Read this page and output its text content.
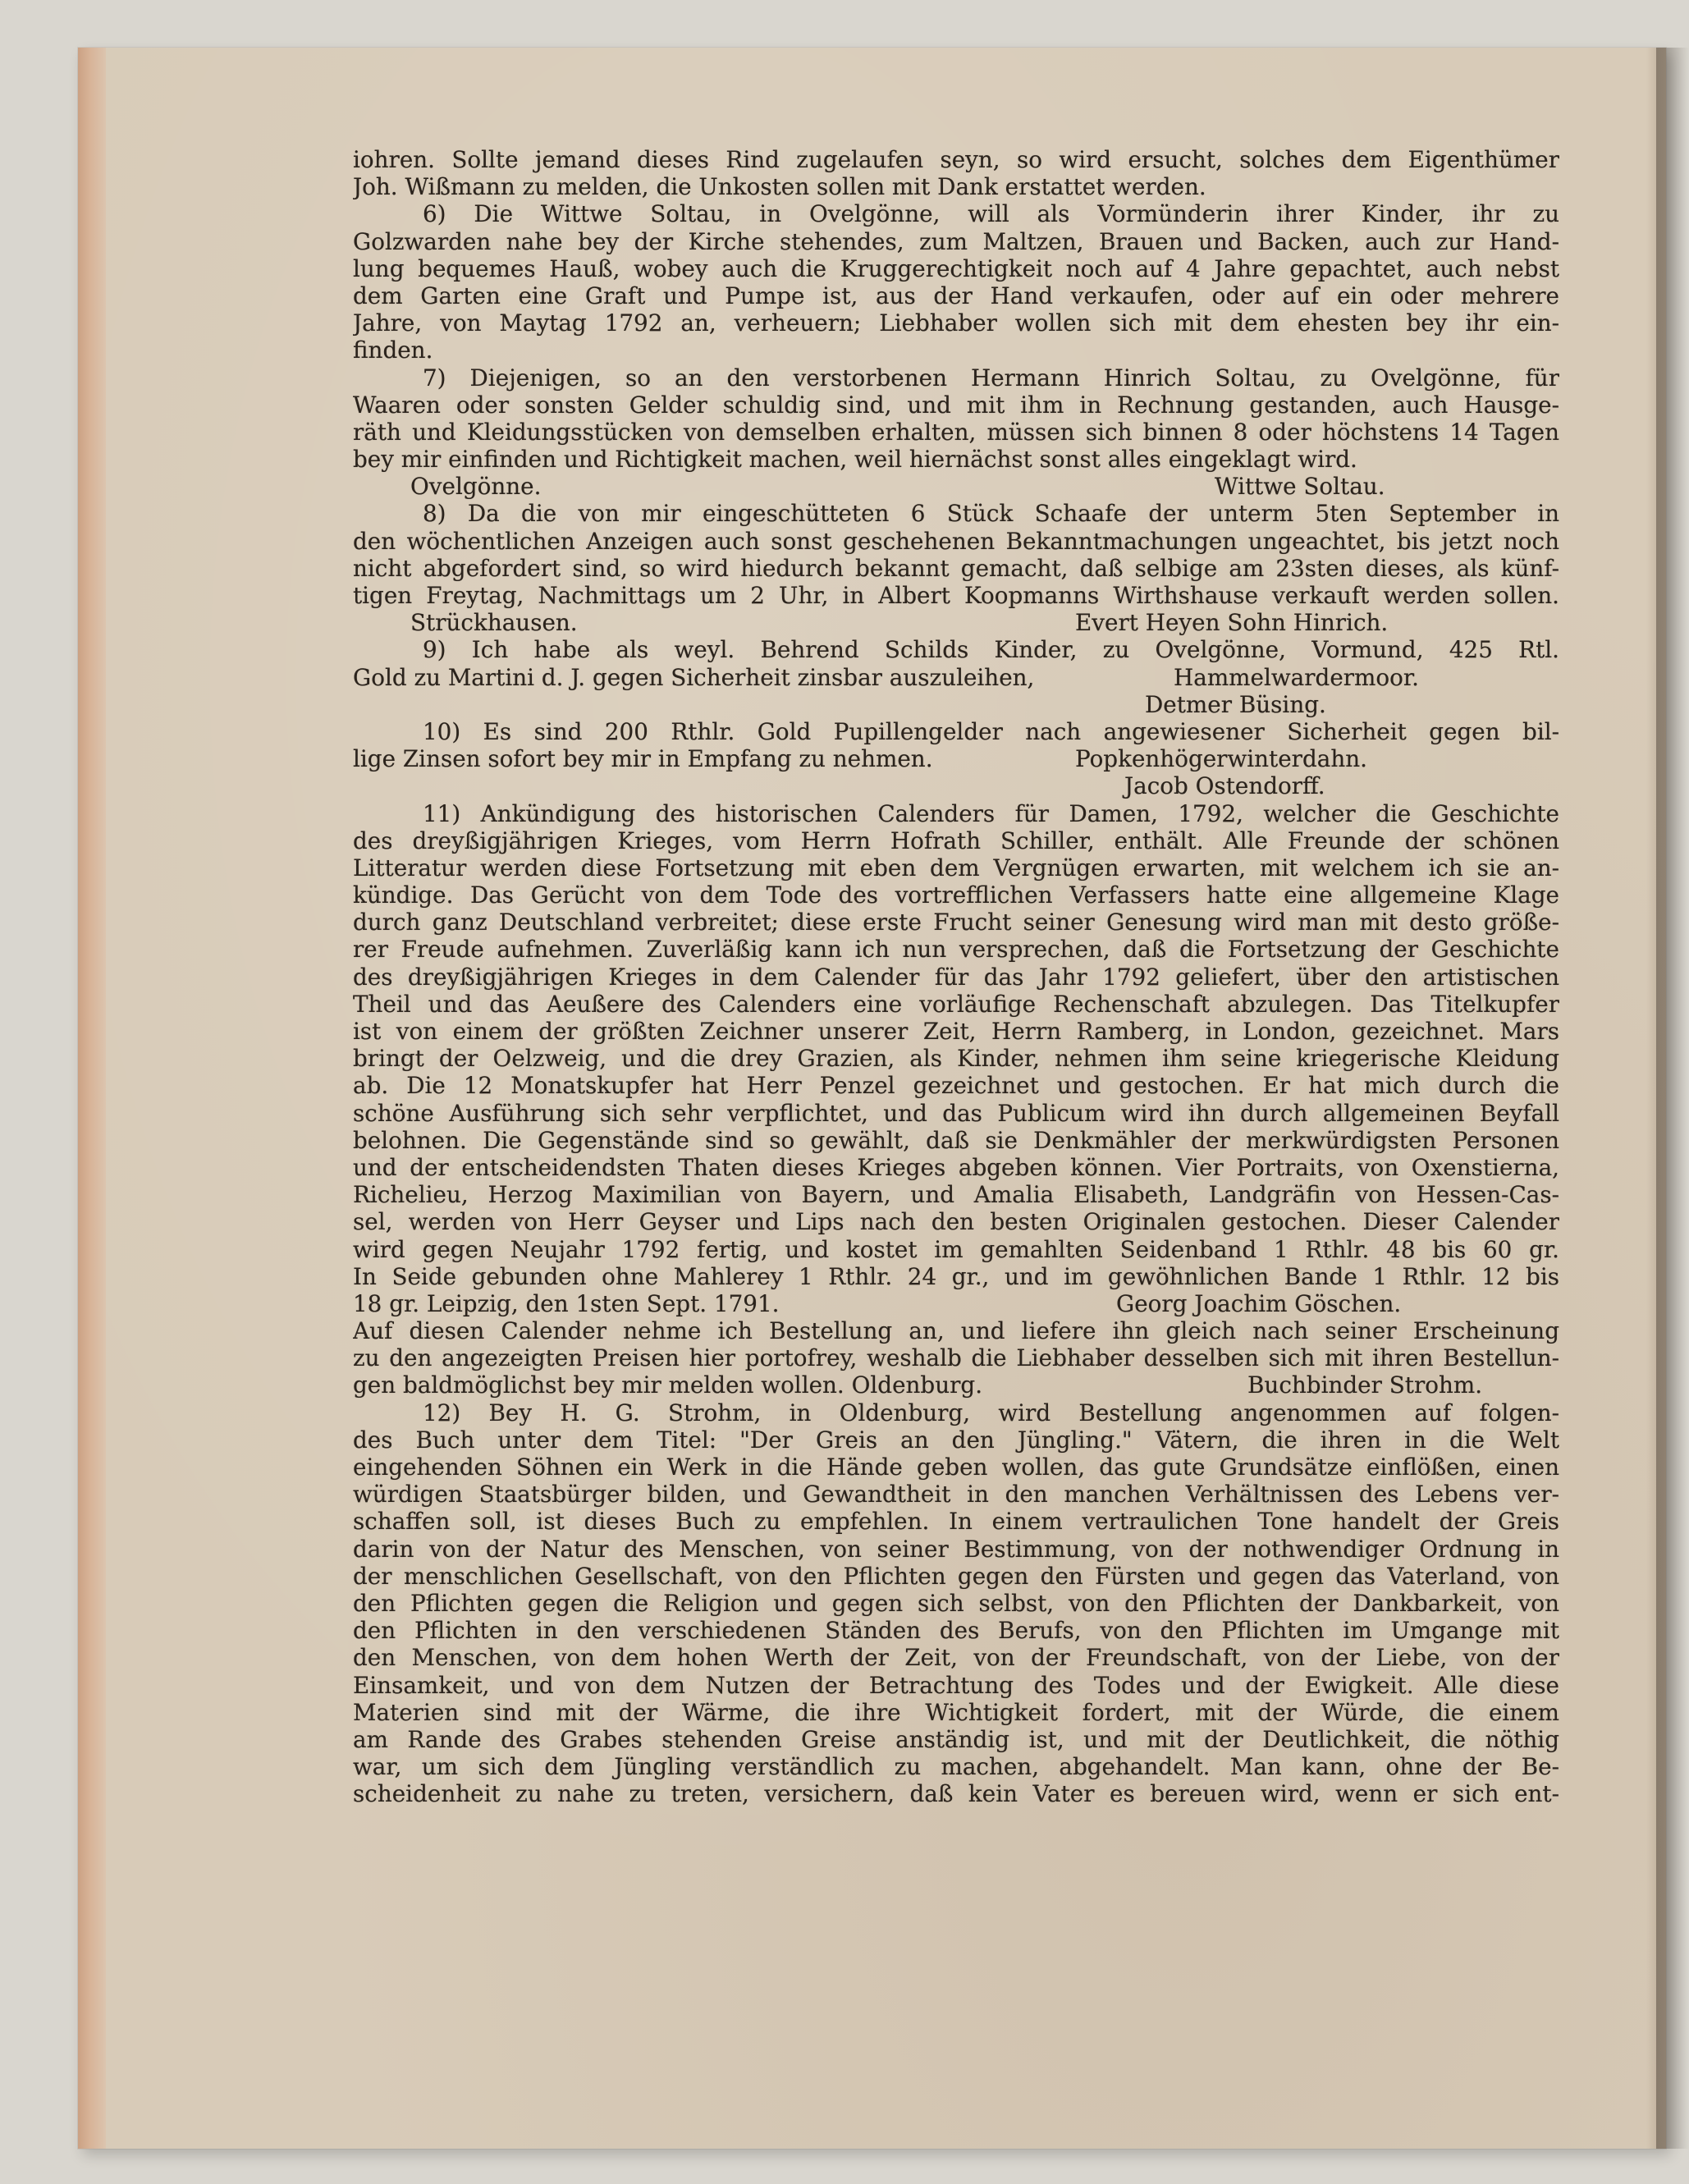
iohren. Sollte jemand dieses Rind zugelaufen seyn, so wird ersucht, solches dem Eigenthümer
Joh. Wißmann zu melden, die Unkosten sollen mit Dank erstattet werden.
6) Die Wittwe Soltau, in Ovelgönne, will als Vormünderin ihrer Kinder, ihr zu
Golzwarden nahe bey der Kirche stehendes, zum Maltzen, Brauen und Backen, auch zur Hand-
lung bequemes Hauß, wobey auch die Kruggerechtigkeit noch auf 4 Jahre gepachtet, auch nebst
dem Garten eine Graft und Pumpe ist, aus der Hand verkaufen, oder auf ein oder mehrere
Jahre, von Maytag 1792 an, verheuern; Liebhaber wollen sich mit dem ehesten bey ihr ein-
finden.
7) Diejenigen, so an den verstorbenen Hermann Hinrich Soltau, zu Ovelgönne, für
Waaren oder sonsten Gelder schuldig sind, und mit ihm in Rechnung gestanden, auch Hausge-
räth und Kleidungsstücken von demselben erhalten, müssen sich binnen 8 oder höchstens 14 Tagen
bey mir einfinden und Richtigkeit machen, weil hiernächst sonst alles eingeklagt wird.
Ovelgönne.	Wittwe Soltau.
8) Da die von mir eingeschütteten 6 Stück Schaafe der unterm 5ten September in
den wöchentlichen Anzeigen auch sonst geschehenen Bekanntmachungen ungeachtet, bis jetzt noch
nicht abgefordert sind, so wird hiedurch bekannt gemacht, daß selbige am 23sten dieses, als künf-
tigen Freytag, Nachmittags um 2 Uhr, in Albert Koopmanns Wirthshause verkauft werden sollen.
Strückhausen.	Evert Heyen Sohn Hinrich.
9) Ich habe als weyl. Behrend Schilds Kinder, zu Ovelgönne, Vormund, 425 Rtl.
Gold zu Martini d. J. gegen Sicherheit zinsbar auszuleihen,	Hammelwardermoor.
Detmer Büsing.
10) Es sind 200 Rthlr. Gold Pupillengelder nach angewiesener Sicherheit gegen bil-
lige Zinsen sofort bey mir in Empfang zu nehmen.	Popkenhögerwinterdahn.
Jacob Ostendorff.
11) Ankündigung des historischen Calenders für Damen, 1792, welcher die Geschichte
des dreyßigjährigen Krieges, vom Herrn Hofrath Schiller, enthält. Alle Freunde der schönen
Litteratur werden diese Fortsetzung mit eben dem Vergnügen erwarten, mit welchem ich sie an-
kündige. Das Gerücht von dem Tode des vortrefflichen Verfassers hatte eine allgemeine Klage
durch ganz Deutschland verbreitet; diese erste Frucht seiner Genesung wird man mit desto größe-
rer Freude aufnehmen. Zuverläßig kann ich nun versprechen, daß die Fortsetzung der Geschichte
des dreyßigjährigen Krieges in dem Calender für das Jahr 1792 geliefert, über den artistischen
Theil und das Aeußere des Calenders eine vorläufige Rechenschaft abzulegen. Das Titelkupfer
ist von einem der größten Zeichner unserer Zeit, Herrn Ramberg, in London, gezeichnet. Mars
bringt der Oelzweig, und die drey Grazien, als Kinder, nehmen ihm seine kriegerische Kleidung
ab. Die 12 Monatskupfer hat Herr Penzel gezeichnet und gestochen. Er hat mich durch die
schöne Ausführung sich sehr verpflichtet, und das Publicum wird ihn durch allgemeinen Beyfall
belohnen. Die Gegenstände sind so gewählt, daß sie Denkmähler der merkwürdigsten Personen
und der entscheidendsten Thaten dieses Krieges abgeben können. Vier Portraits, von Oxenstierna,
Richelieu, Herzog Maximilian von Bayern, und Amalia Elisabeth, Landgräfin von Hessen-Cas-
sel, werden von Herr Geyser und Lips nach den besten Originalen gestochen. Dieser Calender
wird gegen Neujahr 1792 fertig, und kostet im gemahlten Seidenband 1 Rthlr. 48 bis 60 gr.
In Seide gebunden ohne Mahlerey 1 Rthlr. 24 gr., und im gewöhnlichen Bande 1 Rthlr. 12 bis
18 gr. Leipzig, den 1sten Sept. 1791.	Georg Joachim Göschen.
Auf diesen Calender nehme ich Bestellung an, und liefere ihn gleich nach seiner Erscheinung
zu den angezeigten Preisen hier portofrey, weshalb die Liebhaber desselben sich mit ihren Bestellun-
gen baldmöglichst bey mir melden wollen. Oldenburg.	Buchbinder Strohm.
12) Bey H. G. Strohm, in Oldenburg, wird Bestellung angenommen auf folgen-
des Buch unter dem Titel: "Der Greis an den Jüngling." Vätern, die ihren in die Welt
eingehenden Söhnen ein Werk in die Hände geben wollen, das gute Grundsätze einflößen, einen
würdigen Staatsbürger bilden, und Gewandtheit in den manchen Verhältnissen des Lebens ver-
schaffen soll, ist dieses Buch zu empfehlen. In einem vertraulichen Tone handelt der Greis
darin von der Natur des Menschen, von seiner Bestimmung, von der nothwendiger Ordnung in
der menschlichen Gesellschaft, von den Pflichten gegen den Fürsten und gegen das Vaterland, von
den Pflichten gegen die Religion und gegen sich selbst, von den Pflichten der Dankbarkeit, von
den Pflichten in den verschiedenen Ständen des Berufs, von den Pflichten im Umgange mit
den Menschen, von dem hohen Werth der Zeit, von der Freundschaft, von der Liebe, von der
Einsamkeit, und von dem Nutzen der Betrachtung des Todes und der Ewigkeit. Alle diese
Materien sind mit der Wärme, die ihre Wichtigkeit fordert, mit der Würde, die einem
am Rande des Grabes stehenden Greise anständig ist, und mit der Deutlichkeit, die nöthig
war, um sich dem Jüngling verständlich zu machen, abgehandelt. Man kann, ohne der Be-
scheidenheit zu nahe zu treten, versichern, daß kein Vater es bereuen wird, wenn er sich ent-
